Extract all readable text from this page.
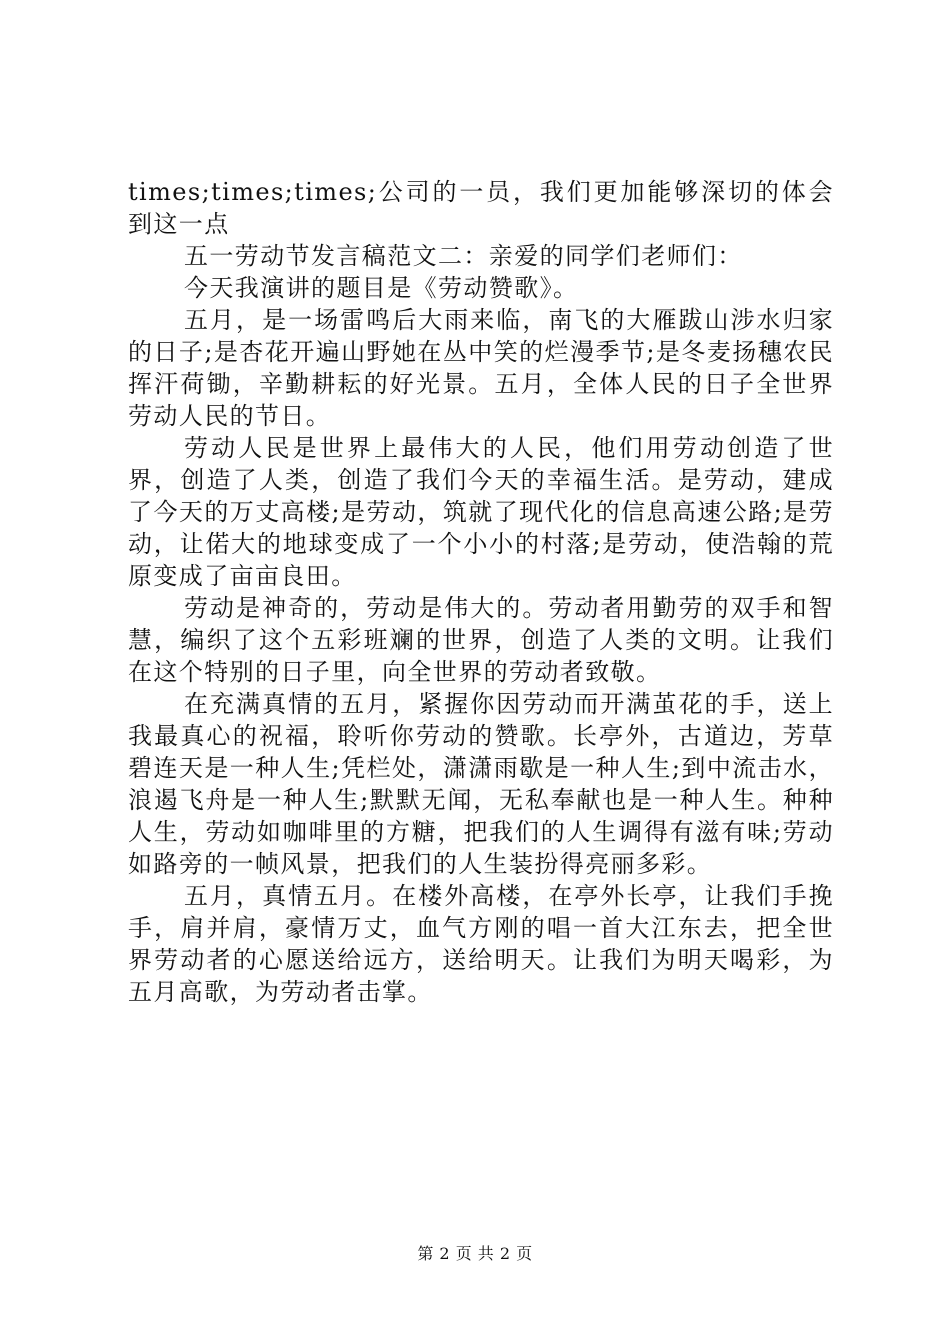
times;times;times;公司的一员，我们更加能够深切的体会到这一点

五一劳动节发言稿范文二：亲爱的同学们老师们：

今天我演讲的题目是《劳动赞歌》。

五月，是一场雷鸣后大雨来临，南飞的大雁跋山涉水归家的日子;是杏花开遍山野她在丛中笑的烂漫季节;是冬麦扬穗农民挥汗荷锄，辛勤耕耘的好光景。五月，全体人民的日子全世界劳动人民的节日。

劳动人民是世界上最伟大的人民，他们用劳动创造了世界，创造了人类，创造了我们今天的幸福生活。是劳动，建成了今天的万丈高楼;是劳动，筑就了现代化的信息高速公路;是劳动，让偌大的地球变成了一个小小的村落;是劳动，使浩翰的荒原变成了亩亩良田。

劳动是神奇的，劳动是伟大的。劳动者用勤劳的双手和智慧，编织了这个五彩班斓的世界，创造了人类的文明。让我们在这个特别的日子里，向全世界的劳动者致敬。

在充满真情的五月，紧握你因劳动而开满茧花的手，送上我最真心的祝福，聆听你劳动的赞歌。长亭外，古道边，芳草碧连天是一种人生;凭栏处，潇潇雨歇是一种人生;到中流击水，浪遏飞舟是一种人生;默默无闻，无私奉献也是一种人生。种种人生，劳动如咖啡里的方糖，把我们的人生调得有滋有味;劳动如路旁的一帧风景，把我们的人生装扮得亮丽多彩。

五月，真情五月。在楼外高楼，在亭外长亭，让我们手挽手，肩并肩，豪情万丈，血气方刚的唱一首大江东去，把全世界劳动者的心愿送给远方，送给明天。让我们为明天喝彩，为五月高歌，为劳动者击掌。

第 2 页 共 2 页
